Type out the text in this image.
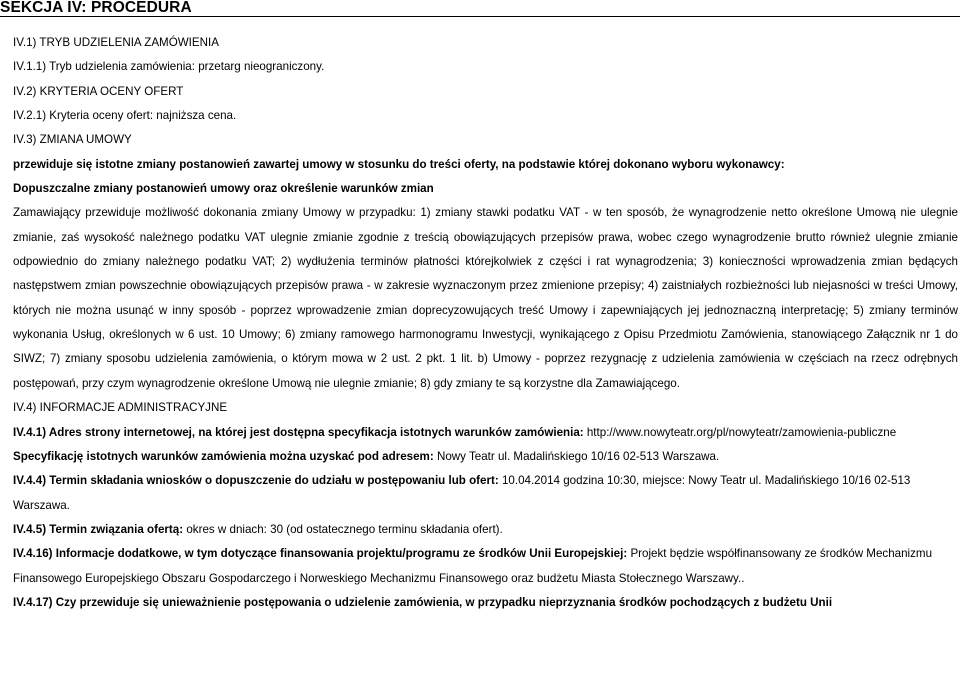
SEKCJA IV: PROCEDURA

IV.1) TRYB UDZIELENIA ZAMÓWIENIA

IV.1.1) Tryb udzielenia zamówienia: przetarg nieograniczony.

IV.2) KRYTERIA OCENY OFERT

IV.2.1) Kryteria oceny ofert: najniższa cena.

IV.3) ZMIANA UMOWY

przewiduje się istotne zmiany postanowień zawartej umowy w stosunku do treści oferty, na podstawie której dokonano wyboru wykonawcy:

Dopuszczalne zmiany postanowień umowy oraz określenie warunków zmian

Zamawiający przewiduje możliwość dokonania zmiany Umowy w przypadku: 1) zmiany stawki podatku VAT - w ten sposób, że wynagrodzenie netto określone Umową nie ulegnie zmianie, zaś wysokość należnego podatku VAT ulegnie zmianie zgodnie z treścią obowiązujących przepisów prawa, wobec czego wynagrodzenie brutto również ulegnie zmianie odpowiednio do zmiany należnego podatku VAT; 2) wydłużenia terminów płatności którejkolwiek z części i rat wynagrodzenia; 3) konieczności wprowadzenia zmian będących następstwem zmian powszechnie obowiązujących przepisów prawa - w zakresie wyznaczonym przez zmienione przepisy; 4) zaistniałych rozbieżności lub niejasności w treści Umowy, których nie można usunąć w inny sposób - poprzez wprowadzenie zmian doprecyzowujących treść Umowy i zapewniających jej jednoznaczną interpretację; 5) zmiany terminów wykonania Usług, określonych w 6 ust. 10 Umowy; 6) zmiany ramowego harmonogramu Inwestycji, wynikającego z Opisu Przedmiotu Zamówienia, stanowiącego Załącznik nr 1 do SIWZ; 7) zmiany sposobu udzielenia zamówienia, o którym mowa w 2 ust. 2 pkt. 1 lit. b) Umowy - poprzez rezygnację z udzielenia zamówienia w częściach na rzecz odrębnych postępowań, przy czym wynagrodzenie określone Umową nie ulegnie zmianie; 8) gdy zmiany te są korzystne dla Zamawiającego.

IV.4) INFORMACJE ADMINISTRACYJNE

IV.4.1) Adres strony internetowej, na której jest dostępna specyfikacja istotnych warunków zamówienia: http://www.nowyteatr.org/pl/nowyteatr/zamowienia-publiczne

Specyfikację istotnych warunków zamówienia można uzyskać pod adresem: Nowy Teatr ul. Madalińskiego 10/16 02-513 Warszawa.

IV.4.4) Termin składania wniosków o dopuszczenie do udziału w postępowaniu lub ofert: 10.04.2014 godzina 10:30, miejsce: Nowy Teatr ul. Madalińskiego 10/16 02-513 Warszawa.

IV.4.5) Termin związania ofertą: okres w dniach: 30 (od ostatecznego terminu składania ofert).

IV.4.16) Informacje dodatkowe, w tym dotyczące finansowania projektu/programu ze środków Unii Europejskiej: Projekt będzie współfinansowany ze środków Mechanizmu Finansowego Europejskiego Obszaru Gospodarczego i Norweskiego Mechanizmu Finansowego oraz budżetu Miasta Stołecznego Warszawy..

IV.4.17) Czy przewiduje się unieważnienie postępowania o udzielenie zamówienia, w przypadku nieprzyznania środków pochodzących z budżetu Unii
